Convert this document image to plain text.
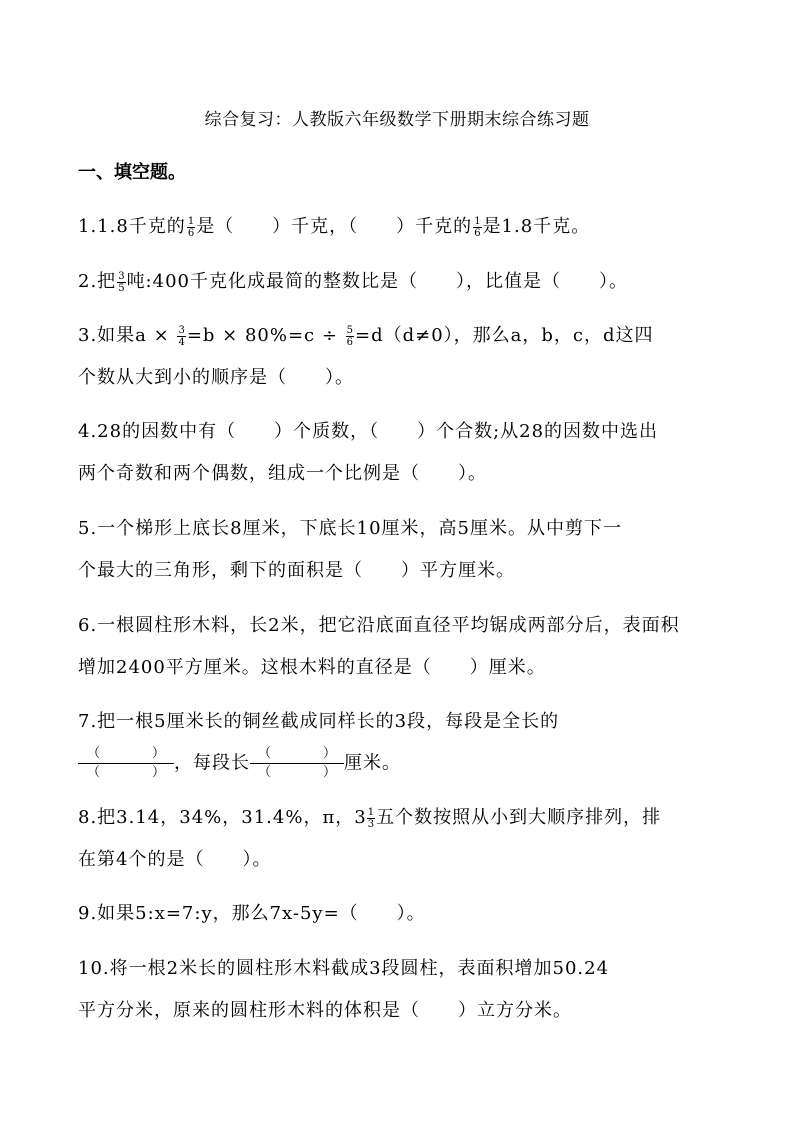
综合复习：人教版六年级数学下册期末综合练习题
一、填空题。
1.1.8千克的 $\frac{1}{6}$ 是（　　）千克，（　　）千克的 $\frac{1}{6}$ 是1.8千克。
2.把 $\frac{3}{5}$ 吨:400千克化成最简的整数比是（　　），比值是（　　）。
3.如果$a \times \frac{3}{4} =b \times 80\%=c \div \frac{5}{6} =d(d\ne 0)$，那么a，b，c，d这四
个数从大到小的顺序是（　　）。
4.28的因数中有（　　）个质数，（　　）个合数;从28的因数中选出
两个奇数和两个偶数，组成一个比例是（　　）。
5.一个梯形上底长8厘米，下底长10厘米，高5厘米。从中剪下一
个最大的三角形，剩下的面积是（　　）平方厘米。
6.一根圆柱形木料，长2米，把它沿底面直径平均锯成两部分后，表面积
增加2400平方厘米。这根木料的直径是（　　）厘米。
7.把一根5厘米长的铜丝截成同样长的3段，每段是全长的
$\frac{( )}{( )}$ ，每段长 $\frac{( )}{( )}$ 厘米。
8.把3.14，34%，31.4%，π，$3 \frac{1}{3}$ 五个数按照从小到大顺序排列，排
在第4个的是（　　）。
9.如果5:x=7:y，那么7x-5y=（　　）。
10.将一根2米长的圆柱形木料截成3段圆柱，表面积增加50.24
平方分米，原来的圆柱形木料的体积是（　　）立方分米。
